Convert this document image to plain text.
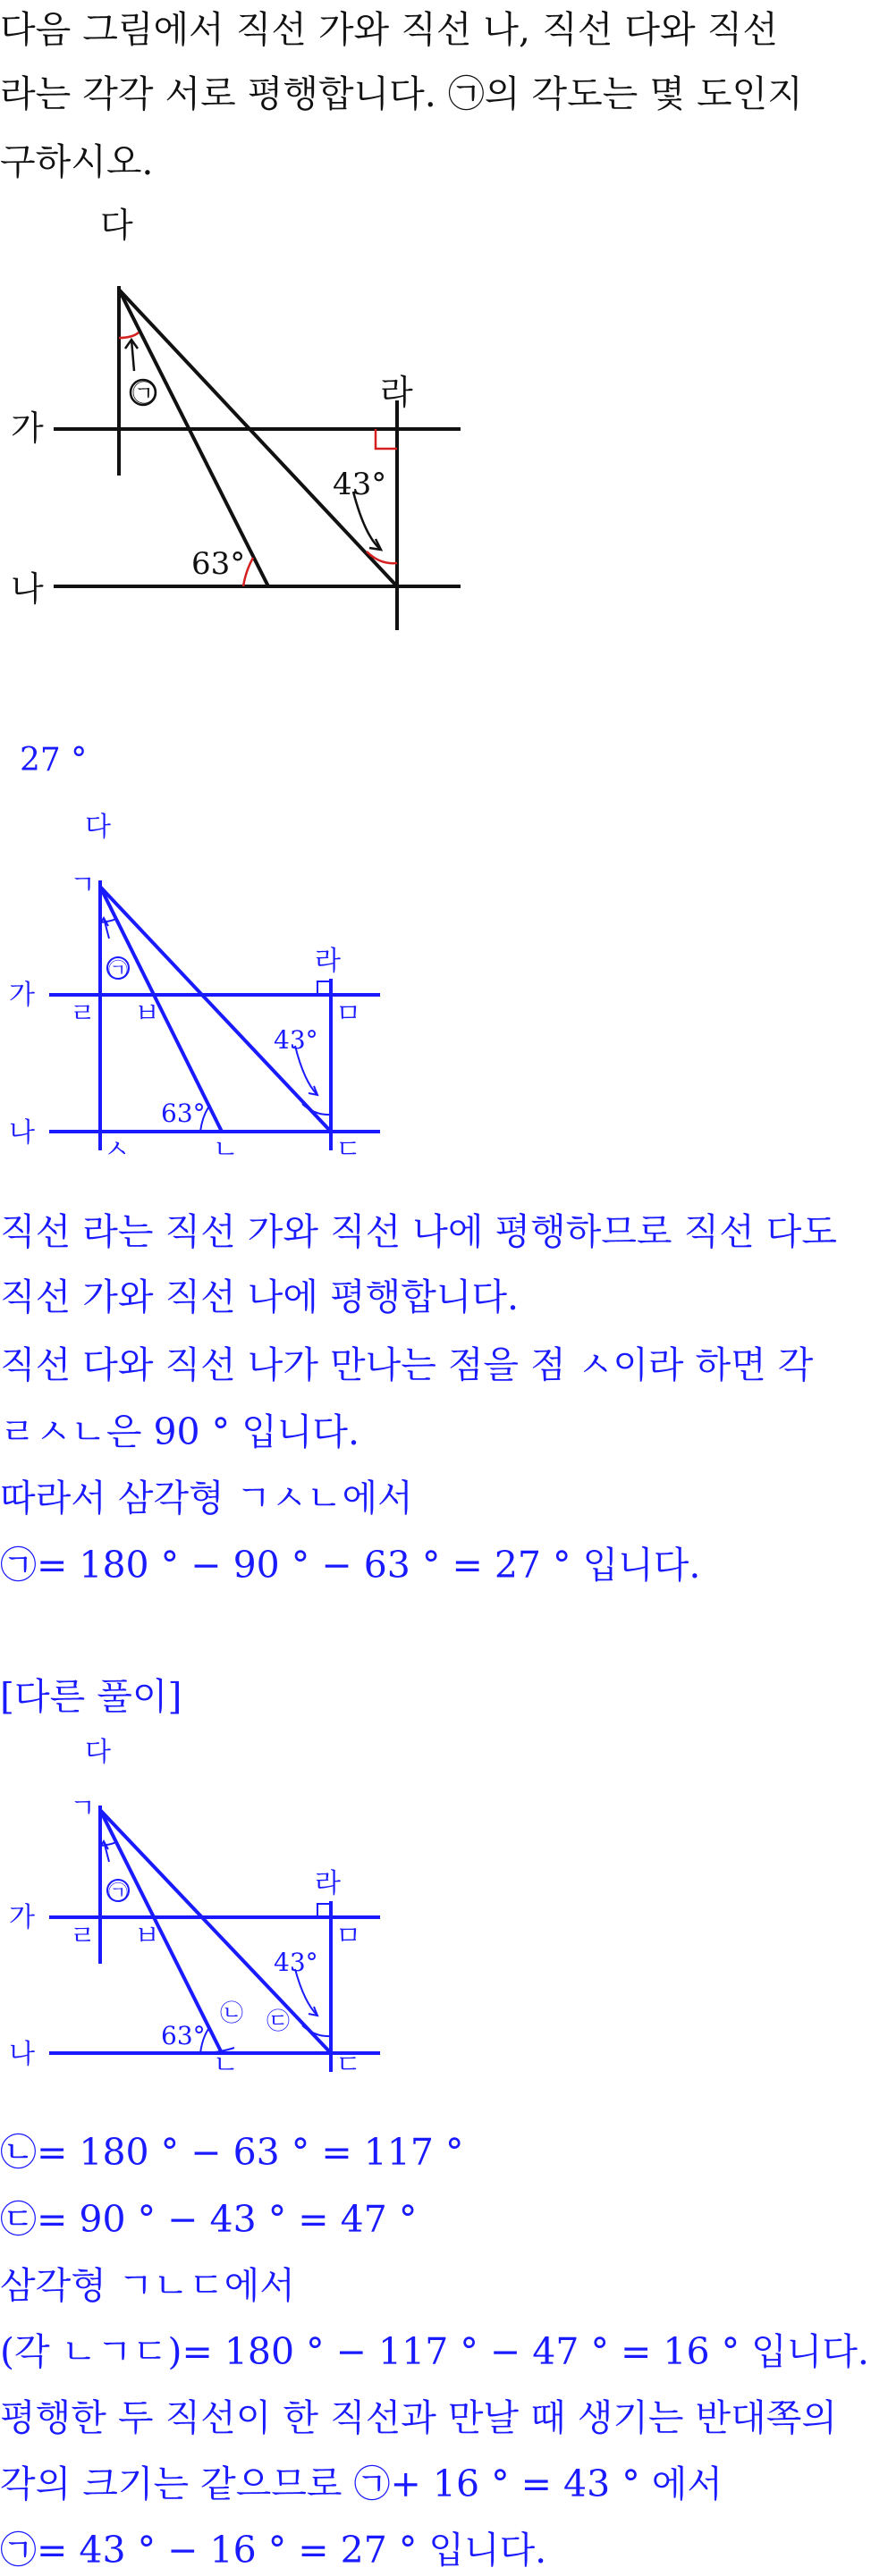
다음 그림에서 직선 가와 직선 나, 직선 다와 직선
라는 각각 서로 평행합니다. ㉠의 각도는 몇 도인지
구하시오.
다
가
나
라
43°
63°
㉠
27 °
다
가
나
라
ㄱ
ㄹ ㅂ	ㅁ
ㅅ	ㄴ	ㄷ
43°
63°
㉠
직선 라는 직선 가와 직선 나에 평행하므로 직선 다도
직선 가와 직선 나에 평행합니다.
직선 다와 직선 나가 만나는 점을 점 ㅅ이라 하면 각
ㄹㅅㄴ은 90 ° 입니다.
따라서 삼각형 ㄱㅅㄴ에서
㉠= 180 ° − 90 ° − 63 ° = 27 ° 입니다.
[다른 풀이]
다
가
나
라
ㄱ
ㄹ ㅂ	ㅁ
ㄴ	ㄷ
43°
63°
㉠
㉡ ㉢
㉡= 180 ° − 63 ° = 117 °
㉢= 90 ° − 43 ° = 47 °
삼각형 ㄱㄴㄷ에서
(각 ㄴㄱㄷ)= 180 ° − 117 ° − 47 ° = 16 ° 입니다.
평행한 두 직선이 한 직선과 만날 때 생기는 반대쪽의
각의 크기는 같으므로 ㉠+ 16 ° = 43 ° 에서
㉠= 43 ° − 16 ° = 27 ° 입니다.
